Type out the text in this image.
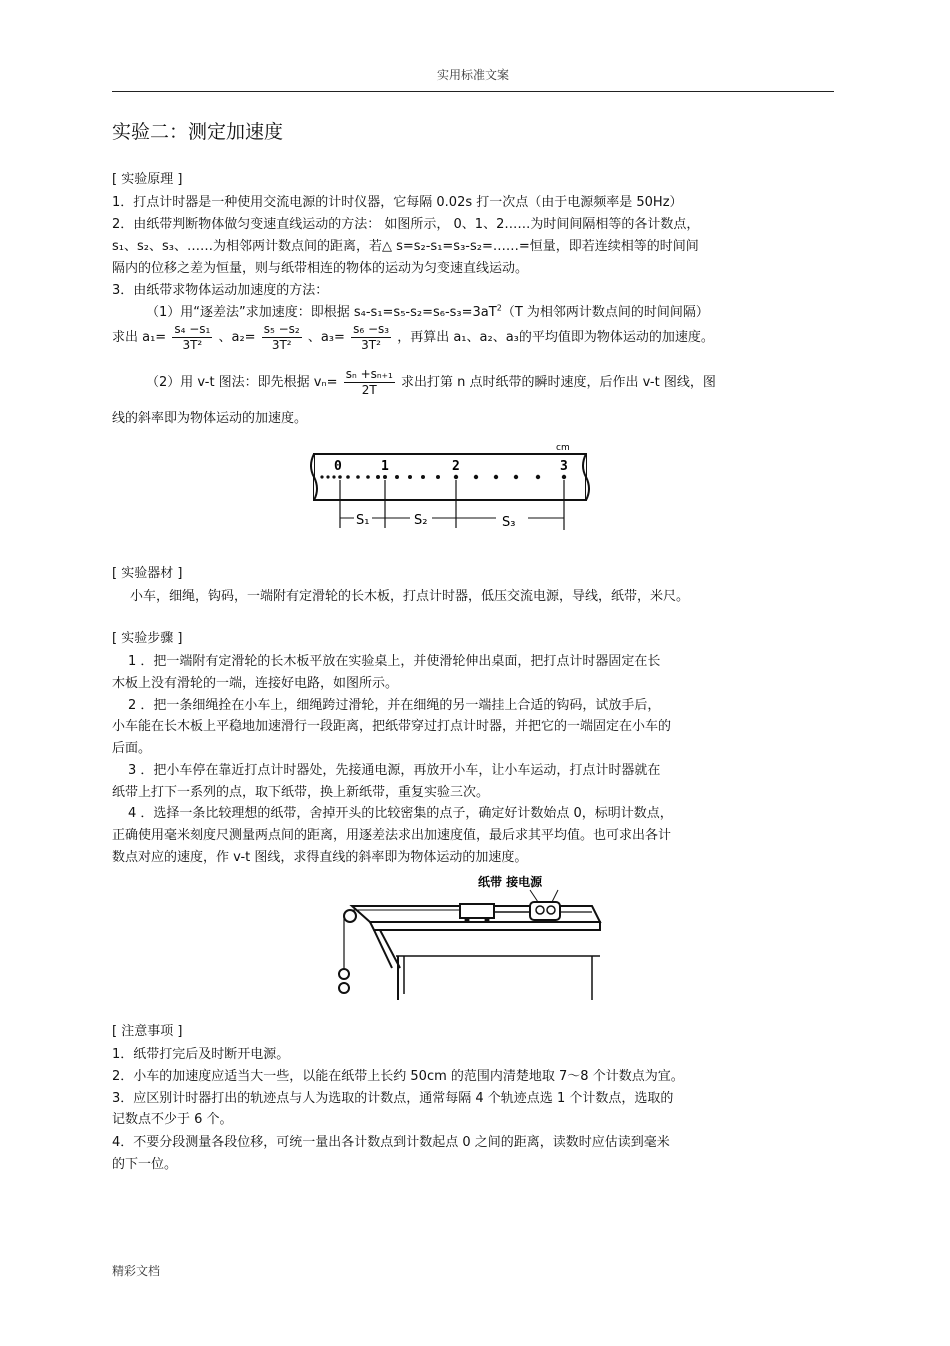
实用标准文案
实验二：测定加速度
[ 实验原理 ]
1．打点计时器是一种使用交流电源的计时仪器，它每隔 0.02s 打一次点（由于电源频率是 50Hz）
2．由纸带判断物体做匀变速直线运动的方法： 如图所示， 0、1、2……为时间间隔相等的各计数点，
s₁、s₂、s₃、……为相邻两计数点间的距离，若△ s=s₂-s₁=s₃-s₂=……=恒量，即若连续相等的时间间
隔内的位移之差为恒量，则与纸带相连的物体的运动为匀变速直线运动。
3．由纸带求物体运动加速度的方法：
（1）用“逐差法”求加速度：即根据 $s_4-s_1=s_5-s_2=s_6-s_3=3aT^2(T$ 为相邻两计数点间的时间间隔）
求出 $a_1= \frac{\text{s₄ −s₁}}{\text{3T²}}$ 、$a_2= \frac{\text{s₅ −s₂}}{\text{3T²}}$ 、$a_3= \frac{\text{s₆ −s₃}}{\text{3T²}}$ ，再算出 a₁、a₂、a₃的平均值即为物体运动的加速度。
（2）用 v-t 图法：即先根据 $v_n= \frac{\text{sₙ +sₙ₊₁}}{2T}$ 求出打第 n 点时纸带的瞬时速度，后作出 v-t 图线，图
线的斜率即为物体运动的加速度。
cm
0	1	2	3
S₁	S₂	S₃
[ 实验器材 ]
小车，细绳，钩码，一端附有定滑轮的长木板，打点计时器，低压交流电源，导线，纸带，米尺。
[ 实验步骤 ]
1 ．把一端附有定滑轮的长木板平放在实验桌上，并使滑轮伸出桌面，把打点计时器固定在长
木板上没有滑轮的一端，连接好电路，如图所示。
2 ．把一条细绳拴在小车上，细绳跨过滑轮，并在细绳的另一端挂上合适的钩码，试放手后，
小车能在长木板上平稳地加速滑行一段距离，把纸带穿过打点计时器，并把它的一端固定在小车的
后面。
3 ．把小车停在靠近打点计时器处，先接通电源，再放开小车，让小车运动，打点计时器就在
纸带上打下一系列的点，取下纸带，换上新纸带，重复实验三次。
4 ．选择一条比较理想的纸带，舍掉开头的比较密集的点子，确定好计数始点 0，标明计数点，
正确使用毫米刻度尺测量两点间的距离，用逐差法求出加速度值，最后求其平均值。也可求出各计
数点对应的速度，作 v-t 图线，求得直线的斜率即为物体运动的加速度。
纸带 接电源
[ 注意事项 ]
1．纸带打完后及时断开电源。
2．小车的加速度应适当大一些，以能在纸带上长约 50cm 的范围内清楚地取 7～8 个计数点为宜。
3．应区别计时器打出的轨迹点与人为选取的计数点，通常每隔 4 个轨迹点选 1 个计数点，选取的
记数点不少于 6 个。
4．不要分段测量各段位移，可统一量出各计数点到计数起点 0 之间的距离，读数时应估读到毫米
的下一位。
精彩文档
